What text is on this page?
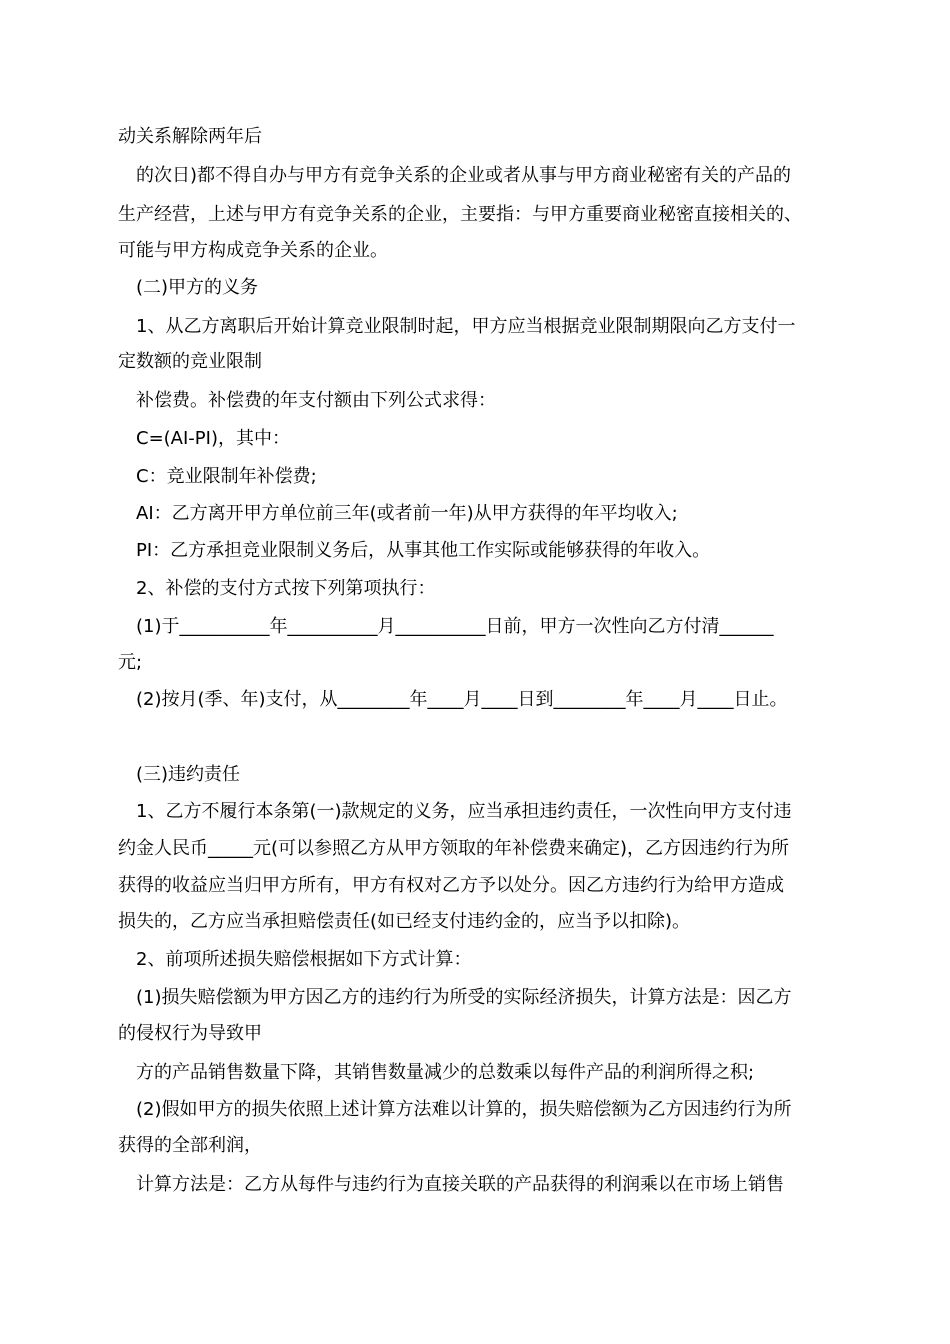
动关系解除两年后
的次日)都不得自办与甲方有竞争关系的企业或者从事与甲方商业秘密有关的产品的
生产经营，上述与甲方有竞争关系的企业，主要指：与甲方重要商业秘密直接相关的、
可能与甲方构成竞争关系的企业。
(二)甲方的义务
1、从乙方离职后开始计算竞业限制时起，甲方应当根据竞业限制期限向乙方支付一
定数额的竞业限制
补偿费。补偿费的年支付额由下列公式求得：
C=(AI-PI)，其中：
C：竞业限制年补偿费;
AI：乙方离开甲方单位前三年(或者前一年)从甲方获得的年平均收入;
PI：乙方承担竞业限制义务后，从事其他工作实际或能够获得的年收入。
2、补偿的支付方式按下列第项执行：
(1)于__________年__________月__________日前，甲方一次性向乙方付清______
元;
(2)按月(季、年)支付，从________年____月____日到________年____月____日止。
(三)违约责任
1、乙方不履行本条第(一)款规定的义务，应当承担违约责任，一次性向甲方支付违
约金人民币_____元(可以参照乙方从甲方领取的年补偿费来确定)，乙方因违约行为所
获得的收益应当归甲方所有，甲方有权对乙方予以处分。因乙方违约行为给甲方造成
损失的，乙方应当承担赔偿责任(如已经支付违约金的，应当予以扣除)。
2、前项所述损失赔偿根据如下方式计算：
(1)损失赔偿额为甲方因乙方的违约行为所受的实际经济损失，计算方法是：因乙方
的侵权行为导致甲
方的产品销售数量下降，其销售数量减少的总数乘以每件产品的利润所得之积;
(2)假如甲方的损失依照上述计算方法难以计算的，损失赔偿额为乙方因违约行为所
获得的全部利润，
计算方法是：乙方从每件与违约行为直接关联的产品获得的利润乘以在市场上销售
